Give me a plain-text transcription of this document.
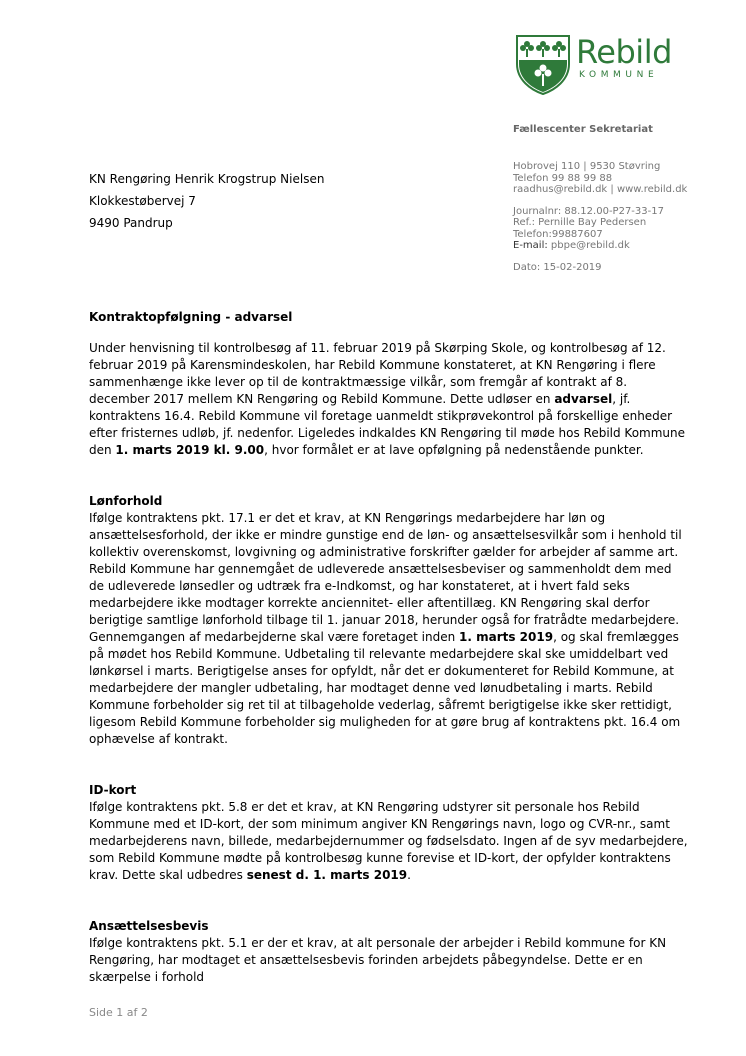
Rebild
KOMMUNE
Fællescenter Sekretariat
Hobrovej 110 | 9530 Støvring
Telefon 99 88 99 88
raadhus@rebild.dk | www.rebild.dk
Journalnr: 88.12.00-P27-33-17
Ref.: Pernille Bay Pedersen
Telefon:99887607
E-mail: pbpe@rebild.dk
Dato: 15-02-2019
KN Rengøring Henrik Krogstrup Nielsen
Klokkestøbervej 7
9490 Pandrup

Kontraktopfølgning - advarsel

Under henvisning til kontrolbesøg af 11. februar 2019 på Skørping Skole, og kontrolbesøg af 12. februar 2019 på Karensmindeskolen, har Rebild Kommune konstateret, at KN Rengøring i flere sammenhænge ikke lever op til de kontraktmæssige vilkår, som fremgår af kontrakt af 8. december 2017 mellem KN Rengøring og Rebild Kommune. Dette udløser en advarsel, jf. kontraktens 16.4. Rebild Kommune vil foretage uanmeldt stikprøvekontrol på forskellige enheder efter fristernes udløb, jf. nedenfor. Ligeledes indkaldes KN Rengøring til møde hos Rebild Kommune den 1. marts 2019 kl. 9.00, hvor formålet er at lave opfølgning på nedenstående punkter.

Lønforhold

Ifølge kontraktens pkt. 17.1 er det et krav, at KN Rengørings medarbejdere har løn og ansættelsesforhold, der ikke er mindre gunstige end de løn- og ansættelsesvilkår som i henhold til kollektiv overenskomst, lovgivning og administrative forskrifter gælder for arbejder af samme art. Rebild Kommune har gennemgået de udleverede ansættelsesbeviser og sammenholdt dem med de udleverede lønsedler og udtræk fra e-Indkomst, og har konstateret, at i hvert fald seks medarbejdere ikke modtager korrekte anciennitet- eller aftentillæg. KN Rengøring skal derfor berigtige samtlige lønforhold tilbage til 1. januar 2018, herunder også for fratrådte medarbejdere. Gennemgangen af medarbejderne skal være foretaget inden 1. marts 2019, og skal fremlægges på mødet hos Rebild Kommune. Udbetaling til relevante medarbejdere skal ske umiddelbart ved lønkørsel i marts. Berigtigelse anses for opfyldt, når det er dokumenteret for Rebild Kommune, at medarbejdere der mangler udbetaling, har modtaget denne ved lønudbetaling i marts. Rebild Kommune forbeholder sig ret til at tilbageholde vederlag, såfremt berigtigelse ikke sker rettidigt, ligesom Rebild Kommune forbeholder sig muligheden for at gøre brug af kontraktens pkt. 16.4 om ophævelse af kontrakt.

ID-kort

Ifølge kontraktens pkt. 5.8 er det et krav, at KN Rengøring udstyrer sit personale hos Rebild Kommune med et ID-kort, der som minimum angiver KN Rengørings navn, logo og CVR-nr., samt medarbejderens navn, billede, medarbejdernummer og fødselsdato. Ingen af de syv medarbejdere, som Rebild Kommune mødte på kontrolbesøg kunne forevise et ID-kort, der opfylder kontraktens krav. Dette skal udbedres senest d. 1. marts 2019.

Ansættelsesbevis

Ifølge kontraktens pkt. 5.1 er der et krav, at alt personale der arbejder i Rebild kommune for KN Rengøring, har modtaget et ansættelsesbevis forinden arbejdets påbegyndelse. Dette er en skærpelse i forhold

Side 1 af 2
